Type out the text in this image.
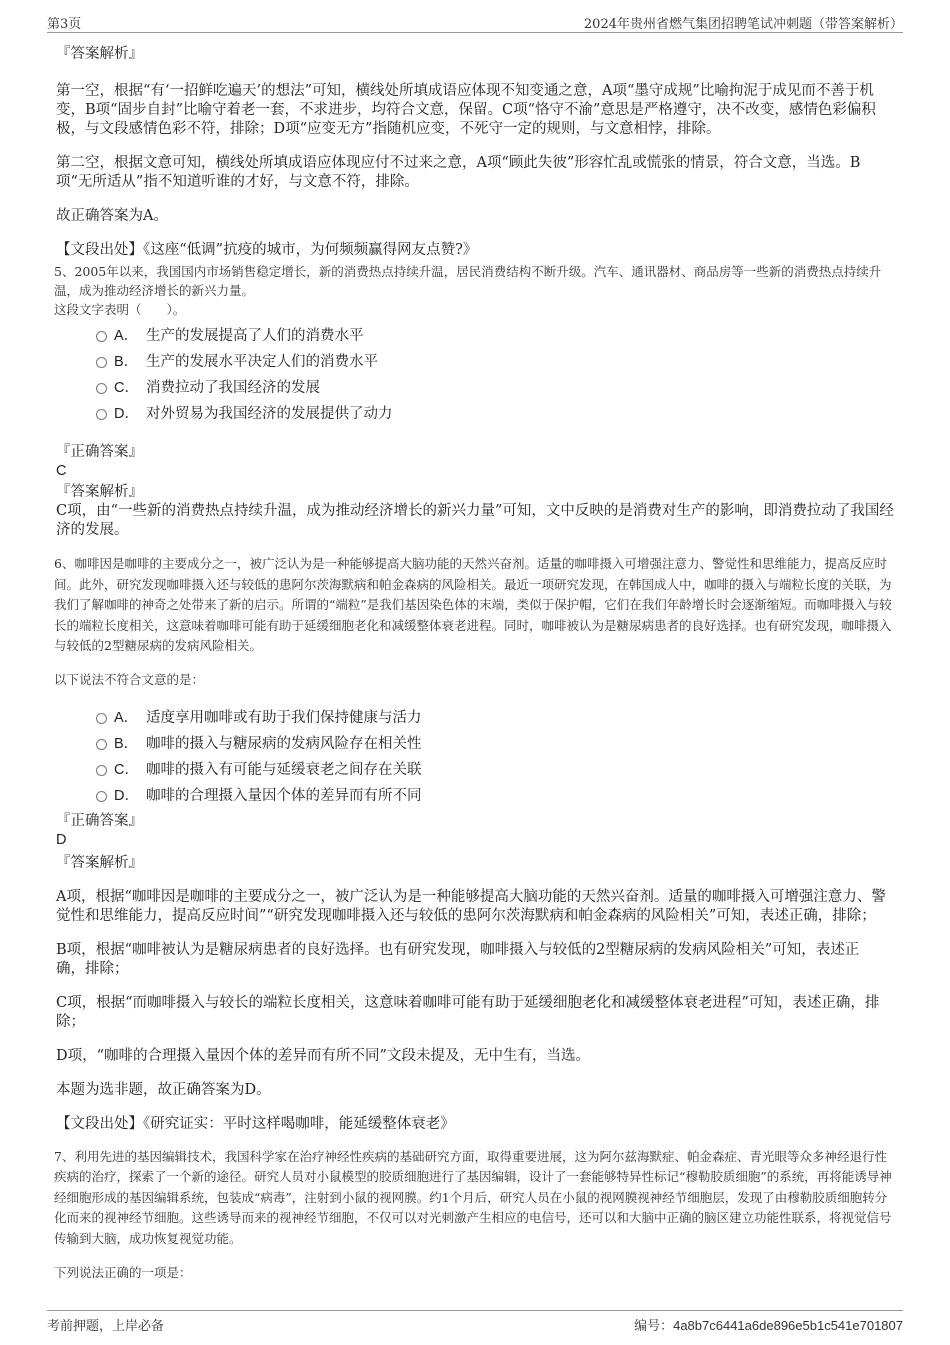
第3页	2024年贵州省燃气集团招聘笔试冲刺题（带答案解析）

『答案解析』

第一空，根据“有‘一招鲜吃遍天’的想法”可知，横线处所填成语应体现不知变通之意，A项“墨守成规”比喻拘泥于成见而不善于机变，B项“固步自封”比喻守着老一套，不求进步，均符合文意，保留。C项“恪守不渝”意思是严格遵守，决不改变，感情色彩偏积极，与文段感情色彩不符，排除；D项“应变无方”指随机应变，不死守一定的规则，与文意相悖，排除。

第二空，根据文意可知，横线处所填成语应体现应付不过来之意，A项“顾此失彼”形容忙乱或慌张的情景，符合文意，当选。B项“无所适从”指不知道听谁的才好，与文意不符，排除。

故正确答案为A。

【文段出处】《这座“低调”抗疫的城市，为何频频赢得网友点赞?》

5、2005年以来，我国国内市场销售稳定增长，新的消费热点持续升温，居民消费结构不断升级。汽车、通讯器材、商品房等一些新的消费热点持续升温，成为推动经济增长的新兴力量。

这段文字表明（　　）。

A． 生产的发展提高了人们的消费水平
B． 生产的发展水平决定人们的消费水平
C． 消费拉动了我国经济的发展
D． 对外贸易为我国经济的发展提供了动力

『正确答案』

C

『答案解析』

C项，由“一些新的消费热点持续升温，成为推动经济增长的新兴力量”可知，文中反映的是消费对生产的影响，即消费拉动了我国经济的发展。

6、咖啡因是咖啡的主要成分之一，被广泛认为是一种能够提高大脑功能的天然兴奋剂。适量的咖啡摄入可增强注意力、警觉性和思维能力，提高反应时间。此外，研究发现咖啡摄入还与较低的患阿尔茨海默病和帕金森病的风险相关。最近一项研究发现，在韩国成人中，咖啡的摄入与端粒长度的关联，为我们了解咖啡的神奇之处带来了新的启示。所谓的“端粒”是我们基因染色体的末端，类似于保护帽，它们在我们年龄增长时会逐渐缩短。而咖啡摄入与较长的端粒长度相关，这意味着咖啡可能有助于延缓细胞老化和减缓整体衰老进程。同时，咖啡被认为是糖尿病患者的良好选择。也有研究发现，咖啡摄入与较低的2型糖尿病的发病风险相关。

以下说法不符合文意的是：

A． 适度享用咖啡或有助于我们保持健康与活力
B． 咖啡的摄入与糖尿病的发病风险存在相关性
C． 咖啡的摄入有可能与延缓衰老之间存在关联
D． 咖啡的合理摄入量因个体的差异而有所不同

『正确答案』

D

『答案解析』

A项，根据“咖啡因是咖啡的主要成分之一，被广泛认为是一种能够提高大脑功能的天然兴奋剂。适量的咖啡摄入可增强注意力、警觉性和思维能力，提高反应时间”“研究发现咖啡摄入还与较低的患阿尔茨海默病和帕金森病的风险相关”可知，表述正确，排除；

B项，根据“咖啡被认为是糖尿病患者的良好选择。也有研究发现，咖啡摄入与较低的2型糖尿病的发病风险相关”可知，表述正确，排除；

C项，根据“而咖啡摄入与较长的端粒长度相关，这意味着咖啡可能有助于延缓细胞老化和减缓整体衰老进程”可知，表述正确，排除；

D项，“咖啡的合理摄入量因个体的差异而有所不同”文段未提及，无中生有，当选。

本题为选非题，故正确答案为D。

【文段出处】《研究证实：平时这样喝咖啡，能延缓整体衰老》

7、利用先进的基因编辑技术，我国科学家在治疗神经性疾病的基础研究方面，取得重要进展，这为阿尔兹海默症、帕金森症、青光眼等众多神经退行性疾病的治疗，探索了一个新的途径。研究人员对小鼠模型的胶质细胞进行了基因编辑，设计了一套能够特异性标记“穆勒胶质细胞”的系统，再将能诱导神经细胞形成的基因编辑系统，包装成“病毒”，注射到小鼠的视网膜。约1个月后，研究人员在小鼠的视网膜视神经节细胞层，发现了由穆勒胶质细胞转分化而来的视神经节细胞。这些诱导而来的视神经节细胞，不仅可以对光刺激产生相应的电信号，还可以和大脑中正确的脑区建立功能性联系，将视觉信号传输到大脑，成功恢复视觉功能。

下列说法正确的一项是：

考前押题，上岸必备	编号：4a8b7c6441a6de896e5b1c541e701807
